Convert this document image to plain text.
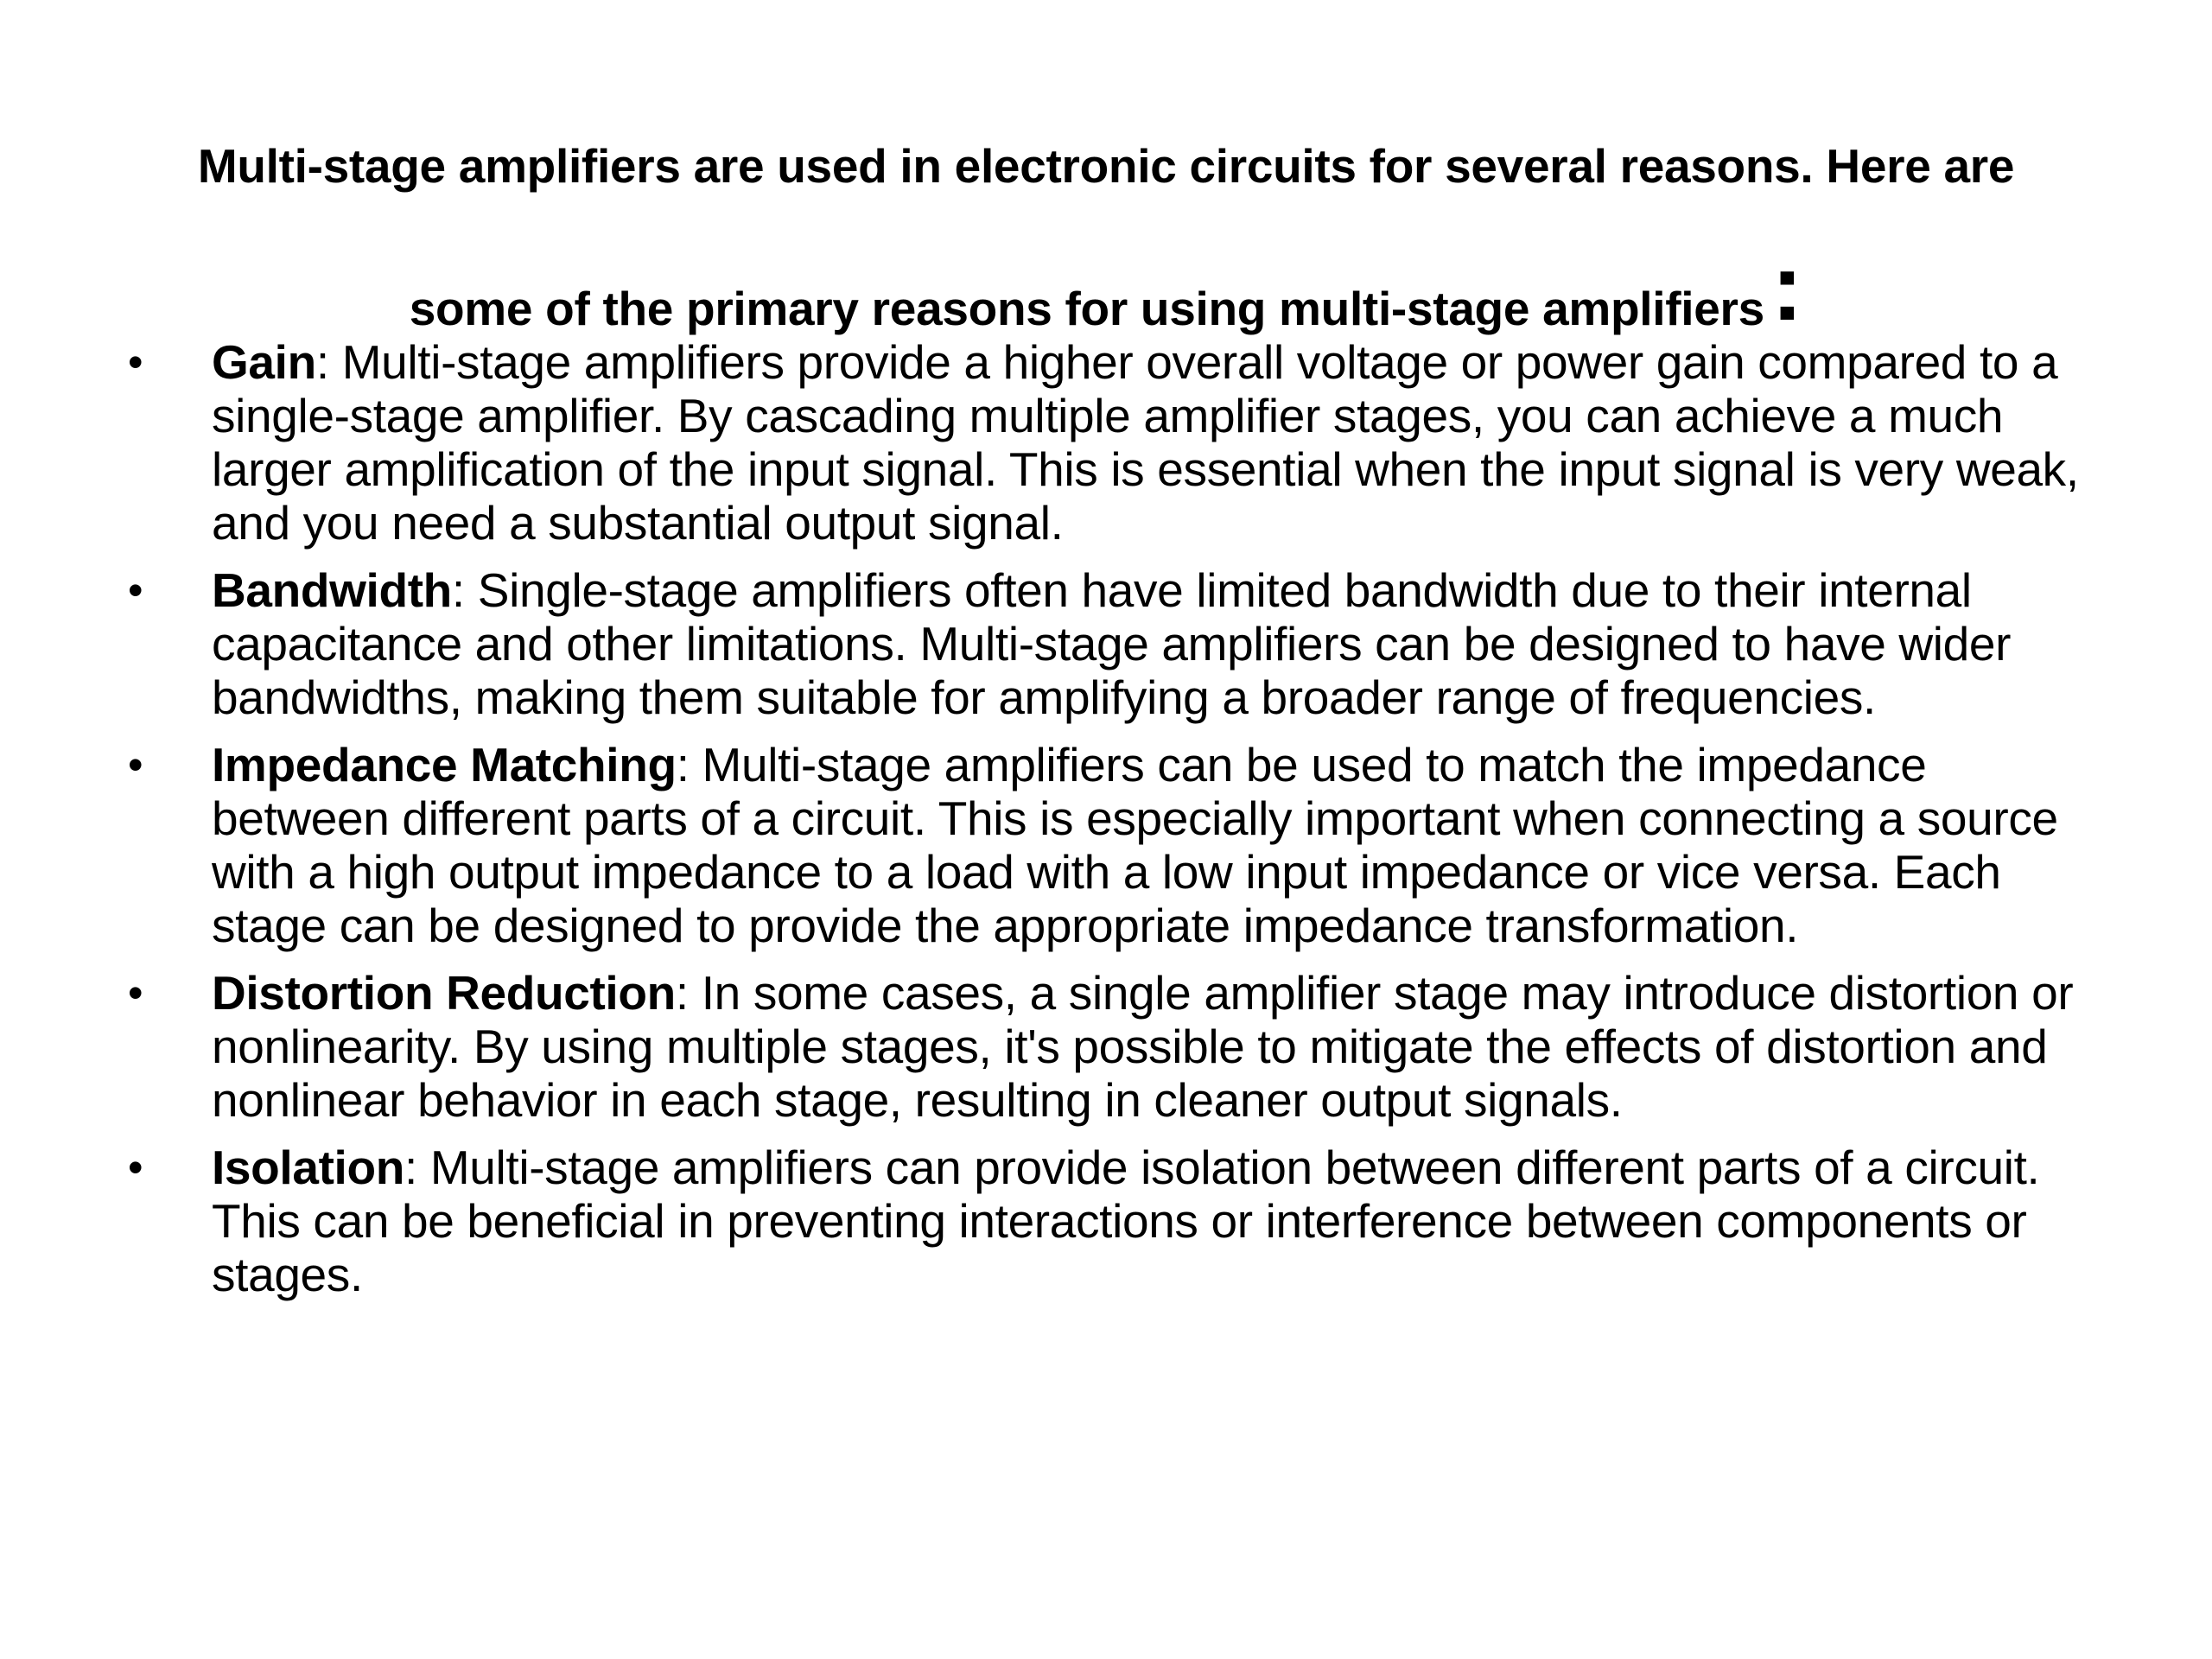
Multi-stage amplifiers are used in electronic circuits for several reasons. Here are
some of the primary reasons for using multi-stage amplifiers:
• Gain: Multi-stage amplifiers provide a higher overall voltage or power gain compared to a single-stage amplifier. By cascading multiple amplifier stages, you can achieve a much larger amplification of the input signal. This is essential when the input signal is very weak, and you need a substantial output signal.
• Bandwidth: Single-stage amplifiers often have limited bandwidth due to their internal capacitance and other limitations. Multi-stage amplifiers can be designed to have wider bandwidths, making them suitable for amplifying a broader range of frequencies.
• Impedance Matching: Multi-stage amplifiers can be used to match the impedance between different parts of a circuit. This is especially important when connecting a source with a high output impedance to a load with a low input impedance or vice versa. Each stage can be designed to provide the appropriate impedance transformation.
• Distortion Reduction: In some cases, a single amplifier stage may introduce distortion or nonlinearity. By using multiple stages, it's possible to mitigate the effects of distortion and nonlinear behavior in each stage, resulting in cleaner output signals.
• Isolation: Multi-stage amplifiers can provide isolation between different parts of a circuit. This can be beneficial in preventing interactions or interference between components or stages.
